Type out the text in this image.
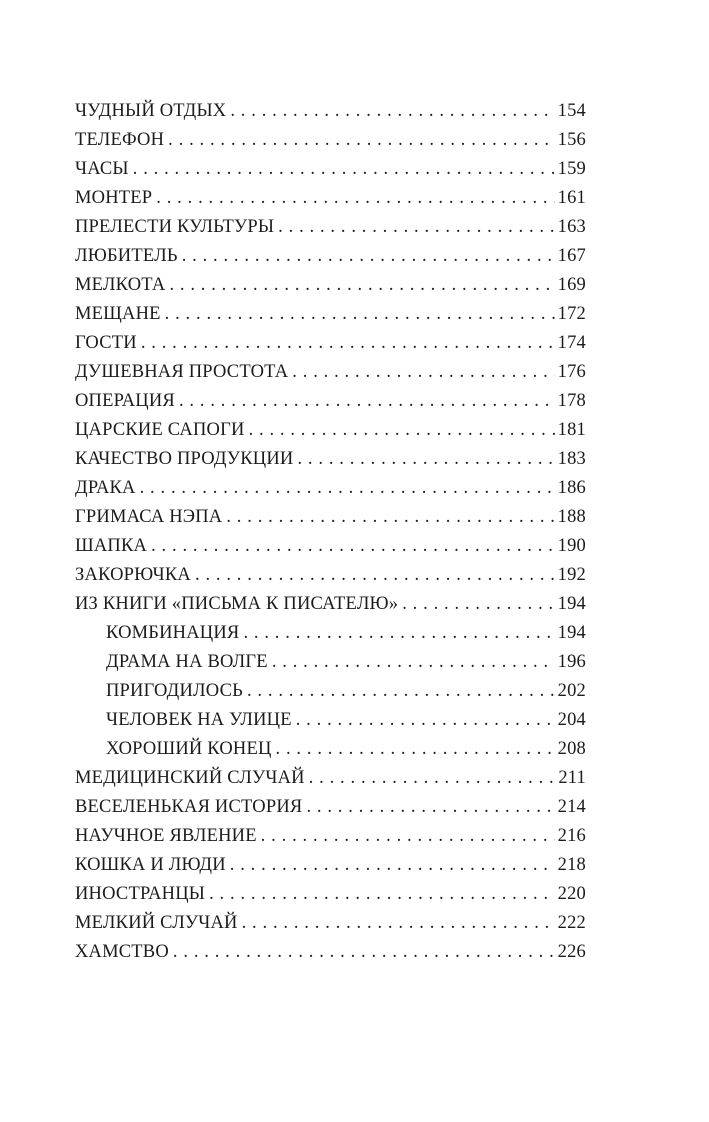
ЧУДНЫЙ ОТДЫХ . . .	154
ТЕЛЕФОН . . .	156
ЧАСЫ . . .	159
МОНТЕР . . .	161
ПРЕЛЕСТИ КУЛЬТУРЫ . . .	163
ЛЮБИТЕЛЬ . . .	167
МЕЛКОТА . . .	169
МЕЩАНЕ . . .	172
ГОСТИ . . .	174
ДУШЕВНАЯ ПРОСТОТА . . .	176
ОПЕРАЦИЯ . . .	178
ЦАРСКИЕ САПОГИ . . .	181
КАЧЕСТВО ПРОДУКЦИИ . . .	183
ДРАКА . . .	186
ГРИМАСА НЭПА . . .	188
ШАПКА . . .	190
ЗАКОРЮЧКА . . .	192
ИЗ КНИГИ «ПИСЬМА К ПИСАТЕЛЮ» . . .	194
КОМБИНАЦИЯ . . .	194
ДРАМА НА ВОЛГЕ . . .	196
ПРИГОДИЛОСЬ . . .	202
ЧЕЛОВЕК НА УЛИЦЕ . . .	204
ХОРОШИЙ КОНЕЦ . . .	208
МЕДИЦИНСКИЙ СЛУЧАЙ . . .	211
ВЕСЕЛЕНЬКАЯ ИСТОРИЯ . . .	214
НАУЧНОЕ ЯВЛЕНИЕ . . .	216
КОШКА И ЛЮДИ . . .	218
ИНОСТРАНЦЫ . . .	220
МЕЛКИЙ СЛУЧАЙ . . .	222
ХАМСТВО . . .	226
